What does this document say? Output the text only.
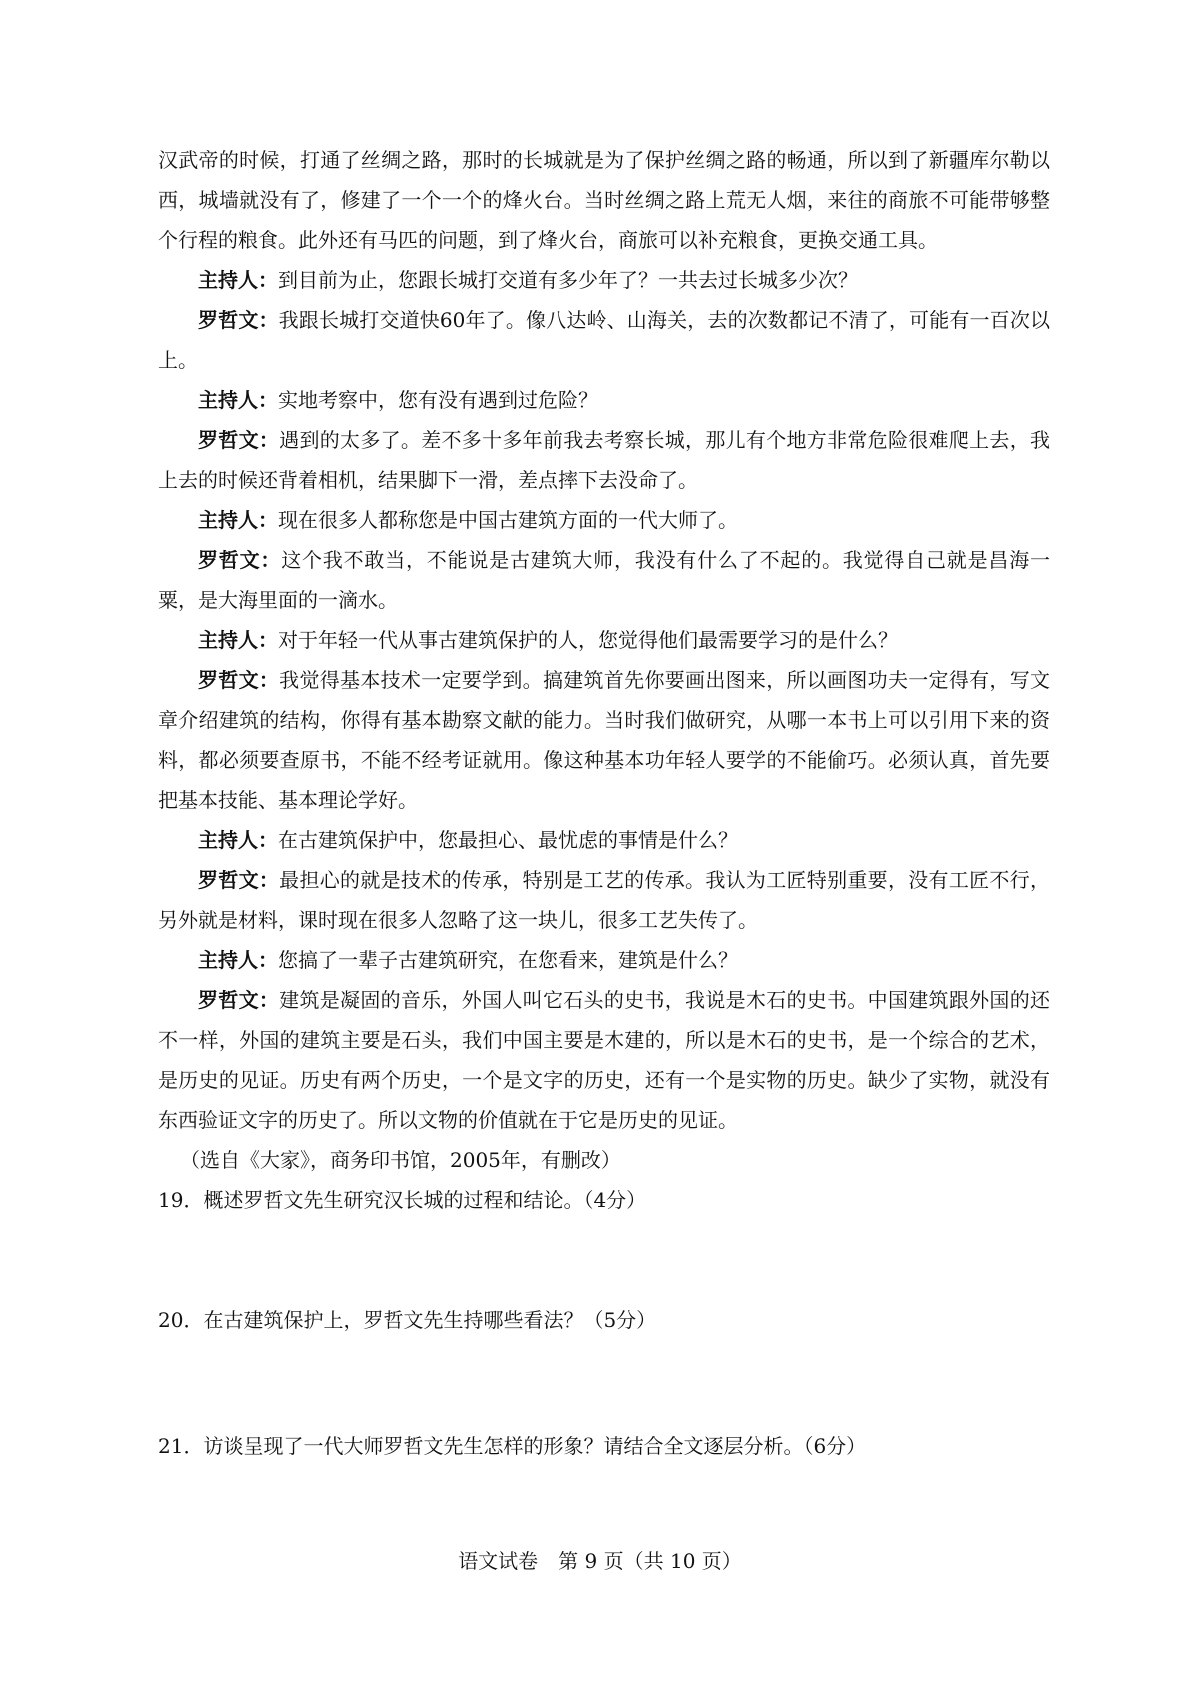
汉武帝的时候，打通了丝绸之路，那时的长城就是为了保护丝绸之路的畅通，所以到了新疆库尔勒以西，城墙就没有了，修建了一个一个的烽火台。当时丝绸之路上荒无人烟，来往的商旅不可能带够整个行程的粮食。此外还有马匹的问题，到了烽火台，商旅可以补充粮食，更换交通工具。

主持人：到目前为止，您跟长城打交道有多少年了？一共去过长城多少次？

罗哲文：我跟长城打交道快60年了。像八达岭、山海关，去的次数都记不清了，可能有一百次以上。

主持人：实地考察中，您有没有遇到过危险？

罗哲文：遇到的太多了。差不多十多年前我去考察长城，那儿有个地方非常危险很难爬上去，我上去的时候还背着相机，结果脚下一滑，差点摔下去没命了。

主持人：现在很多人都称您是中国古建筑方面的一代大师了。

罗哲文：这个我不敢当，不能说是古建筑大师，我没有什么了不起的。我觉得自己就是昌海一粟，是大海里面的一滴水。

主持人：对于年轻一代从事古建筑保护的人，您觉得他们最需要学习的是什么？

罗哲文：我觉得基本技术一定要学到。搞建筑首先你要画出图来，所以画图功夫一定得有，写文章介绍建筑的结构，你得有基本勘察文献的能力。当时我们做研究，从哪一本书上可以引用下来的资料，都必须要查原书，不能不经考证就用。像这种基本功年轻人要学的不能偷巧。必须认真，首先要把基本技能、基本理论学好。

主持人：在古建筑保护中，您最担心、最忧虑的事情是什么？

罗哲文：最担心的就是技术的传承，特别是工艺的传承。我认为工匠特别重要，没有工匠不行，另外就是材料，课时现在很多人忽略了这一块儿，很多工艺失传了。

主持人：您搞了一辈子古建筑研究，在您看来，建筑是什么？

罗哲文：建筑是凝固的音乐，外国人叫它石头的史书，我说是木石的史书。中国建筑跟外国的还不一样，外国的建筑主要是石头，我们中国主要是木建的，所以是木石的史书，是一个综合的艺术，是历史的见证。历史有两个历史，一个是文字的历史，还有一个是实物的历史。缺少了实物，就没有东西验证文字的历史了。所以文物的价值就在于它是历史的见证。

（选自《大家》，商务印书馆，2005年，有删改）

19．概述罗哲文先生研究汉长城的过程和结论。（4分）

20．在古建筑保护上，罗哲文先生持哪些看法？（5分）

21．访谈呈现了一代大师罗哲文先生怎样的形象？请结合全文逐层分析。（6分）

语文试卷　第 9 页（共 10 页）
